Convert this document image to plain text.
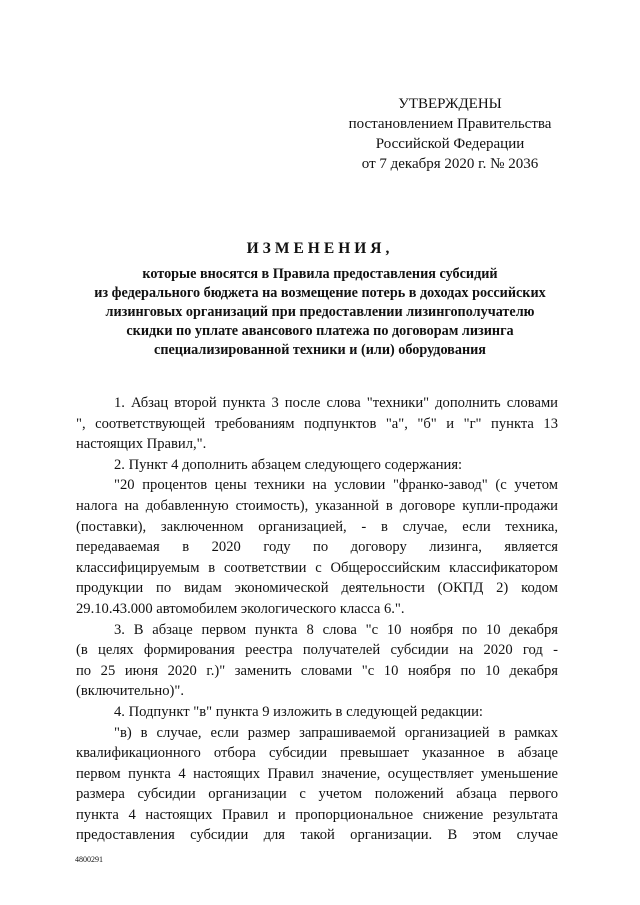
УТВЕРЖДЕНЫ
постановлением Правительства
Российской Федерации
от 7 декабря 2020 г. № 2036
ИЗМЕНЕНИЯ,
которые вносятся в Правила предоставления субсидий
из федерального бюджета на возмещение потерь в доходах российских
лизинговых организаций при предоставлении лизингополучателю
скидки по уплате авансового платежа по договорам лизинга
специализированной техники и (или) оборудования
1. Абзац второй пункта 3 после слова "техники" дополнить словами
", соответствующей требованиям подпунктов "а", "б" и "г" пункта 13
настоящих Правил,".
2. Пункт 4 дополнить абзацем следующего содержания:
"20 процентов цены техники на условии "франко-завод" (с учетом
налога на добавленную стоимость), указанной в договоре купли-продажи
(поставки), заключенном организацией, - в случае, если техника,
передаваемая в 2020 году по договору лизинга, является
классифицируемым в соответствии с Общероссийским классификатором
продукции по видам экономической деятельности (ОКПД 2) кодом
29.10.43.000 автомобилем экологического класса 6.".
3. В абзаце первом пункта 8 слова "с 10 ноября по 10 декабря
(в целях формирования реестра получателей субсидии на 2020 год -
по 25 июня 2020 г.)" заменить словами "с 10 ноября по 10 декабря
(включительно)".
4. Подпункт "в" пункта 9 изложить в следующей редакции:
"в) в случае, если размер запрашиваемой организацией в рамках
квалификационного отбора субсидии превышает указанное в абзаце
первом пункта 4 настоящих Правил значение, осуществляет уменьшение
размера субсидии организации с учетом положений абзаца первого
пункта 4 настоящих Правил и пропорциональное снижение результата
предоставления субсидии для такой организации. В этом случае
4800291
